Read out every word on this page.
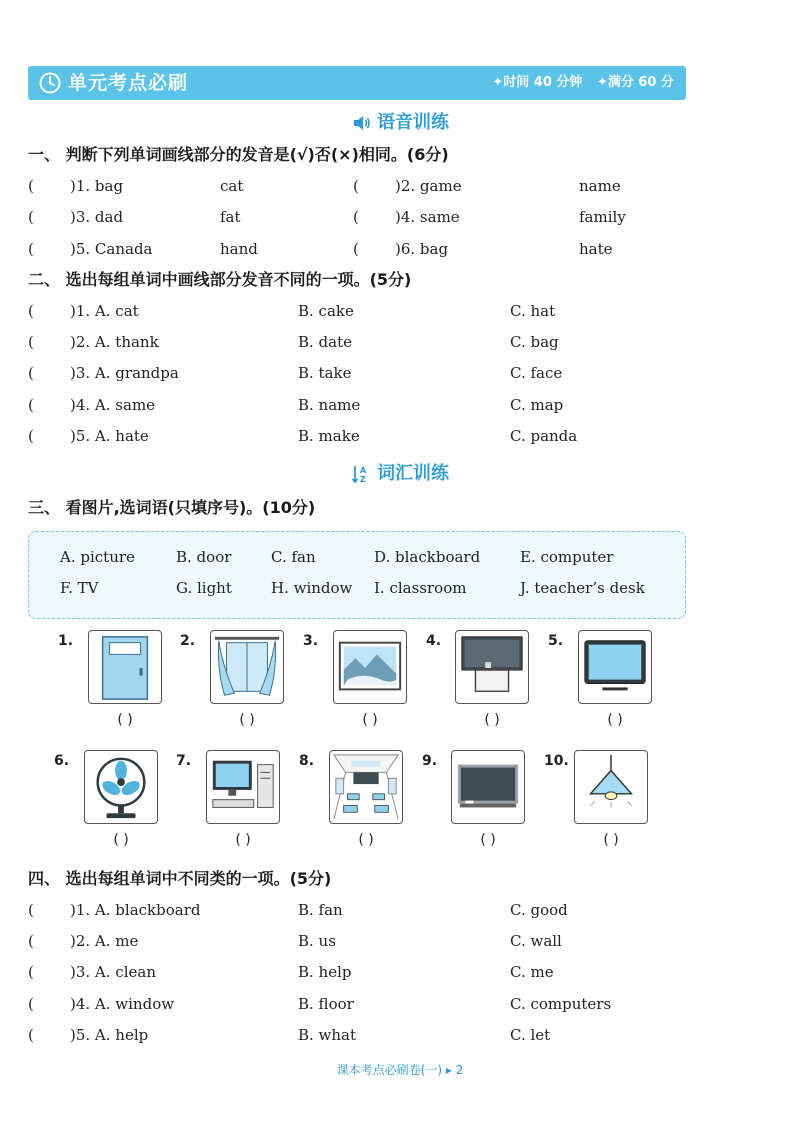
单元考点必刷	✦时间 40 分钟 ✦满分 60 分
语音训练
一、 判断下列单词画线部分的发音是(√)否(×)相同。(6分)
( )1. bag	cat	( )2. game	name
( )3. dad	fat	( )4. same	family
( )5. Canada	hand	( )6. bag	hate
二、 选出每组单词中画线部分发音不同的一项。(5分)
( )1. A. cat	B. cake	C. hat
( )2. A. thank	B. date	C. bag
( )3. A. grandpa	B. take	C. face
( )4. A. same	B. name	C. map
( )5. A. hate	B. make	C. panda
A
Z 词汇训练
三、 看图片,选词语(只填序号)。(10分)
A. picture	B. door	C. fan	D. blackboard	E. computer
F. TV	G. light	H. window I. classroom	J. teacher’s desk
1.
( )
2.
( )
3.
( )
4.
( )
5.
( )
6.
( )
7.
( )
8.
( )
9.
( )
10.
( )
四、 选出每组单词中不同类的一项。(5分)
( )1. A. blackboard	B. fan	C. good
( )2. A. me	B. us	C. wall
( )3. A. clean	B. help	C. me
( )4. A. window	B. floor	C. computers
( )5. A. help	B. what	C. let
课本考点必刷卷(一) ▸ 2
